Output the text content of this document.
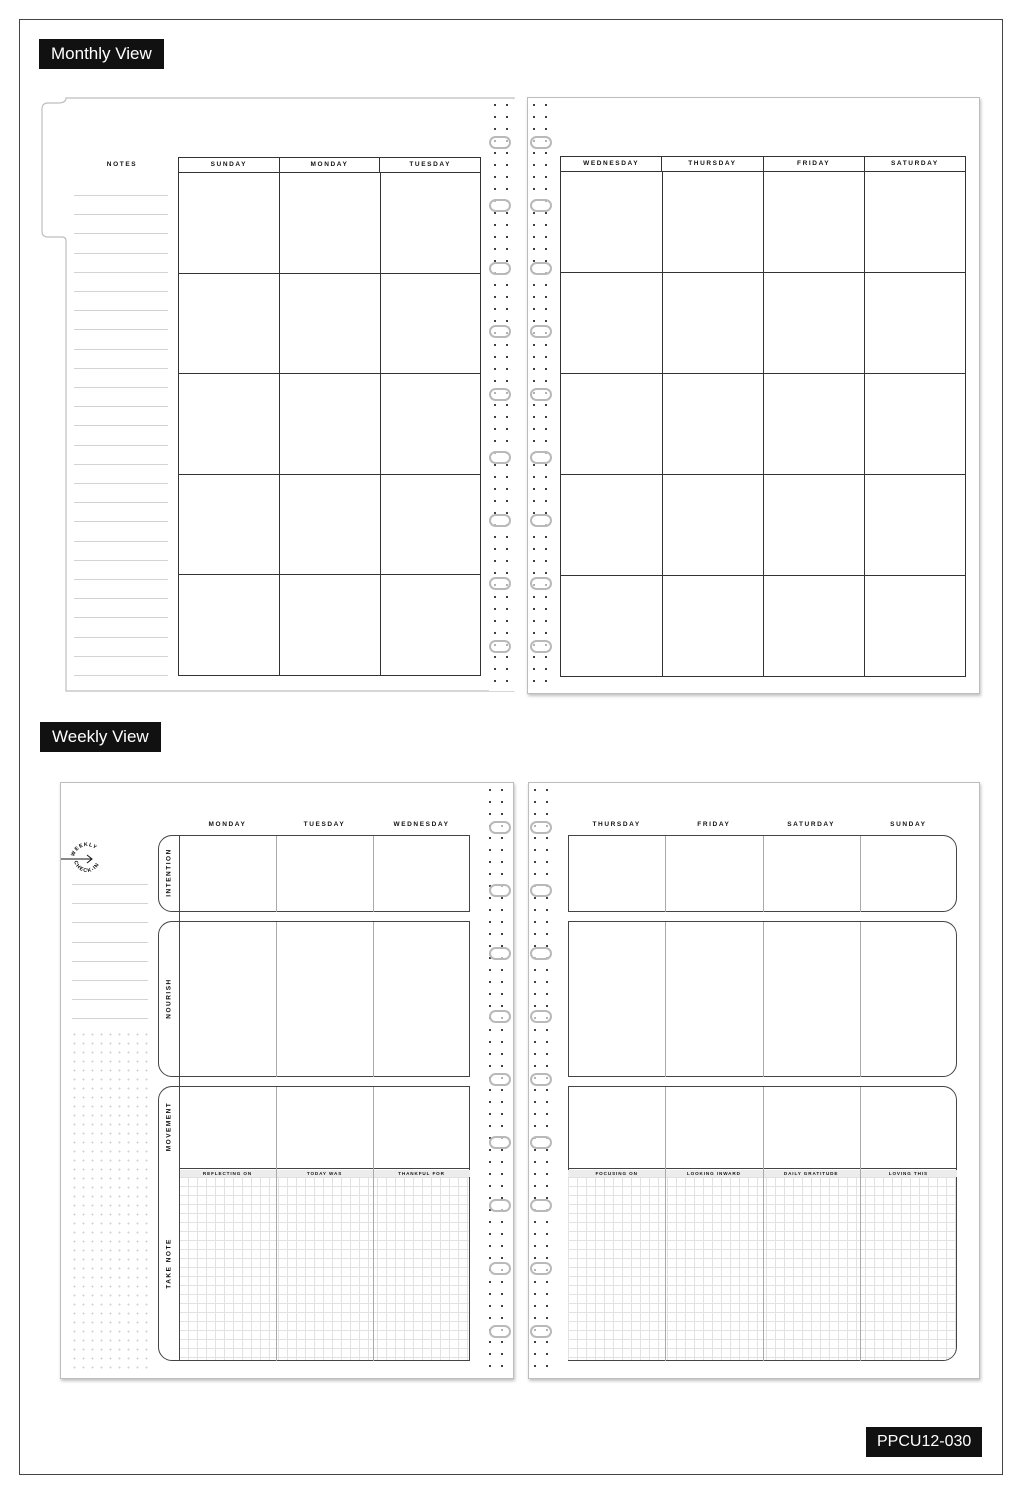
Monthly View
Weekly View
NOTES	SUNDAY	MONDAY	TUESDAY	WEDNESDAY	THURSDAY	FRIDAY	SATURDAY
WEEKLY
CHECK-IN
MONDAY	TUESDAY	WEDNESDAY
REFLECTING ON	TODAY WAS	THANKFUL FOR
INTENTION
NOURISH
MOVEMENT
TAKE NOTE
THURSDAY	FRIDAY	SATURDAY	SUNDAY
FOCUSING ON	LOOKING INWARD	DAILY GRATITUDE	LOVING THIS
PPCU12-030
